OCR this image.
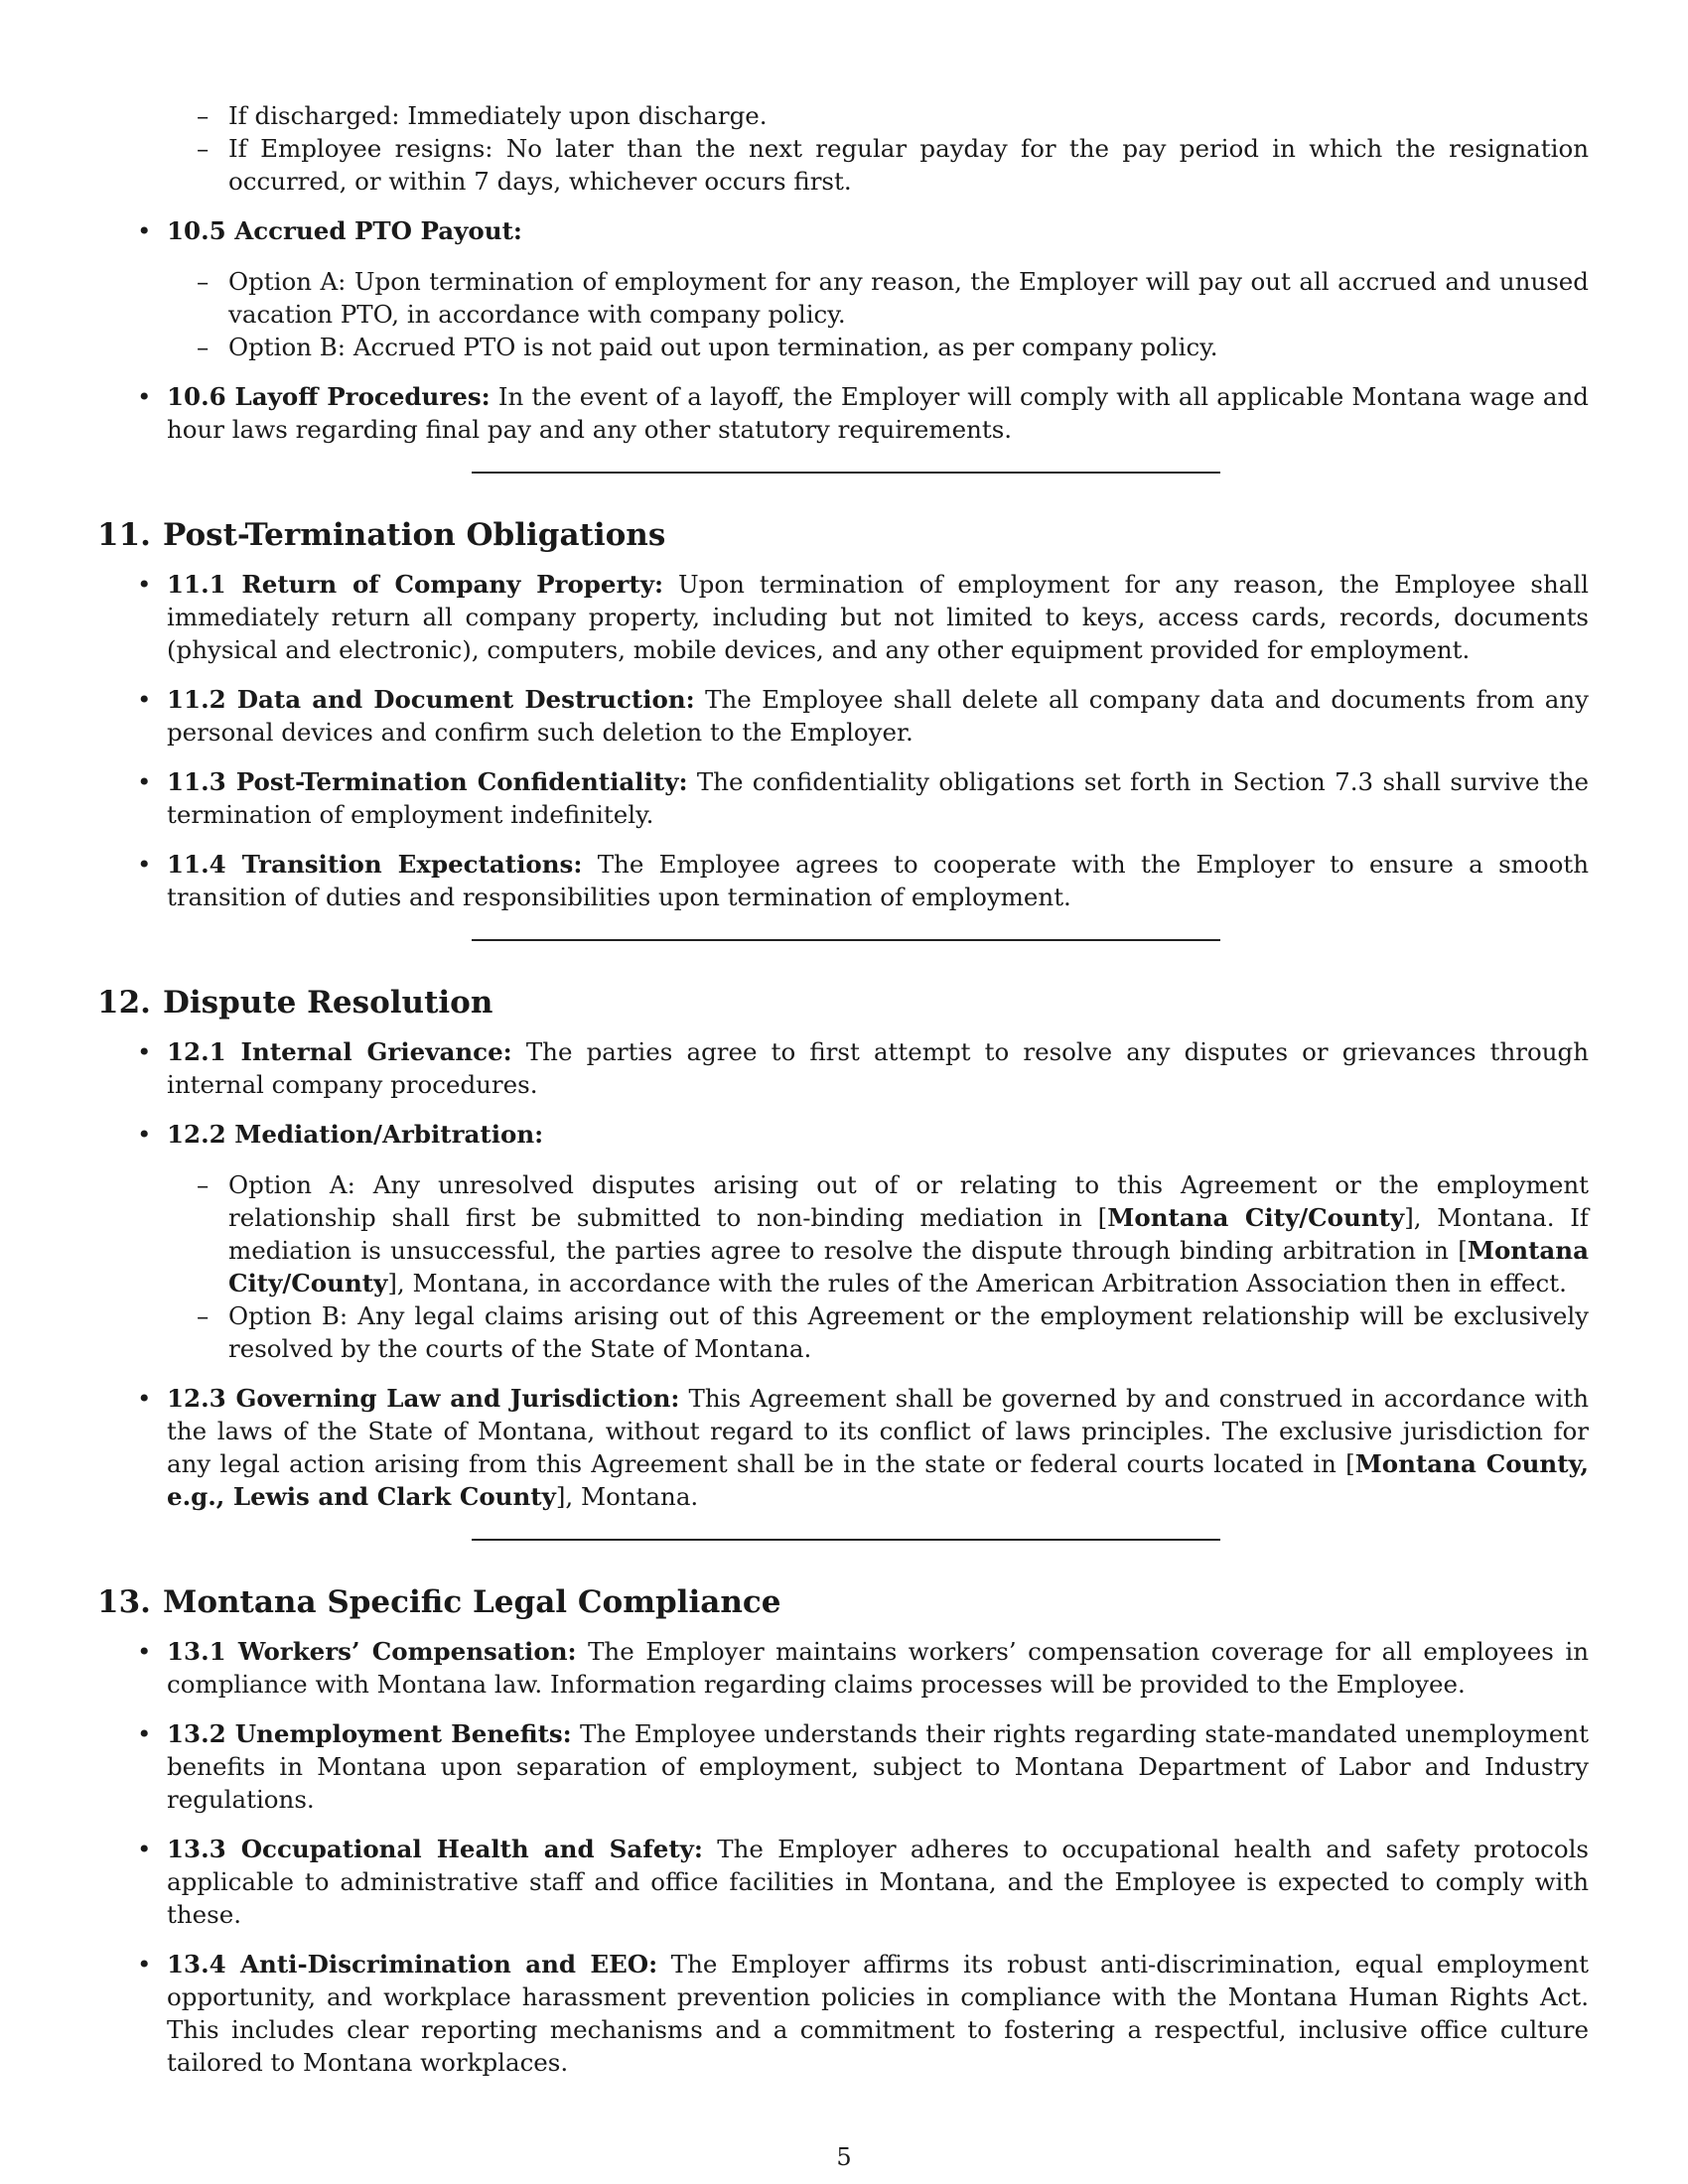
– If discharged: Immediately upon discharge.
– If Employee resigns: No later than the next regular payday for the pay period in which the resignation occurred, or within 7 days, whichever occurs first.
• 10.5 Accrued PTO Payout:
– Option A: Upon termination of employment for any reason, the Employer will pay out all accrued and unused vacation PTO, in accordance with company policy.
– Option B: Accrued PTO is not paid out upon termination, as per company policy.
• 10.6 Layoff Procedures: In the event of a layoff, the Employer will comply with all applicable Montana wage and hour laws regarding final pay and any other statutory requirements.
11. Post-Termination Obligations
• 11.1 Return of Company Property: Upon termination of employment for any reason, the Employee shall immediately return all company property, including but not limited to keys, access cards, records, documents (physical and electronic), computers, mobile devices, and any other equipment provided for employment.
• 11.2 Data and Document Destruction: The Employee shall delete all company data and documents from any personal devices and confirm such deletion to the Employer.
• 11.3 Post-Termination Confidentiality: The confidentiality obligations set forth in Section 7.3 shall survive the termination of employment indefinitely.
• 11.4 Transition Expectations: The Employee agrees to cooperate with the Employer to ensure a smooth transition of duties and responsibilities upon termination of employment.
12. Dispute Resolution
• 12.1 Internal Grievance: The parties agree to first attempt to resolve any disputes or grievances through internal company procedures.
• 12.2 Mediation/Arbitration:
– Option A: Any unresolved disputes arising out of or relating to this Agreement or the employment relationship shall first be submitted to non-binding mediation in [Montana City/County], Montana. If mediation is unsuccessful, the parties agree to resolve the dispute through binding arbitration in [Montana City/County], Montana, in accordance with the rules of the American Arbitration Association then in effect.
– Option B: Any legal claims arising out of this Agreement or the employment relationship will be exclusively resolved by the courts of the State of Montana.
• 12.3 Governing Law and Jurisdiction: This Agreement shall be governed by and construed in accordance with the laws of the State of Montana, without regard to its conflict of laws principles. The exclusive jurisdiction for any legal action arising from this Agreement shall be in the state or federal courts located in [Montana County, e.g., Lewis and Clark County], Montana.
13. Montana Specific Legal Compliance
• 13.1 Workers’ Compensation: The Employer maintains workers’ compensation coverage for all employees in compliance with Montana law. Information regarding claims processes will be provided to the Employee.
• 13.2 Unemployment Benefits: The Employee understands their rights regarding state-mandated unemployment benefits in Montana upon separation of employment, subject to Montana Department of Labor and Industry regulations.
• 13.3 Occupational Health and Safety: The Employer adheres to occupational health and safety protocols applicable to administrative staff and office facilities in Montana, and the Employee is expected to comply with these.
• 13.4 Anti-Discrimination and EEO: The Employer affirms its robust anti-discrimination, equal employment opportunity, and workplace harassment prevention policies in compliance with the Montana Human Rights Act. This includes clear reporting mechanisms and a commitment to fostering a respectful, inclusive office culture tailored to Montana workplaces.
5
